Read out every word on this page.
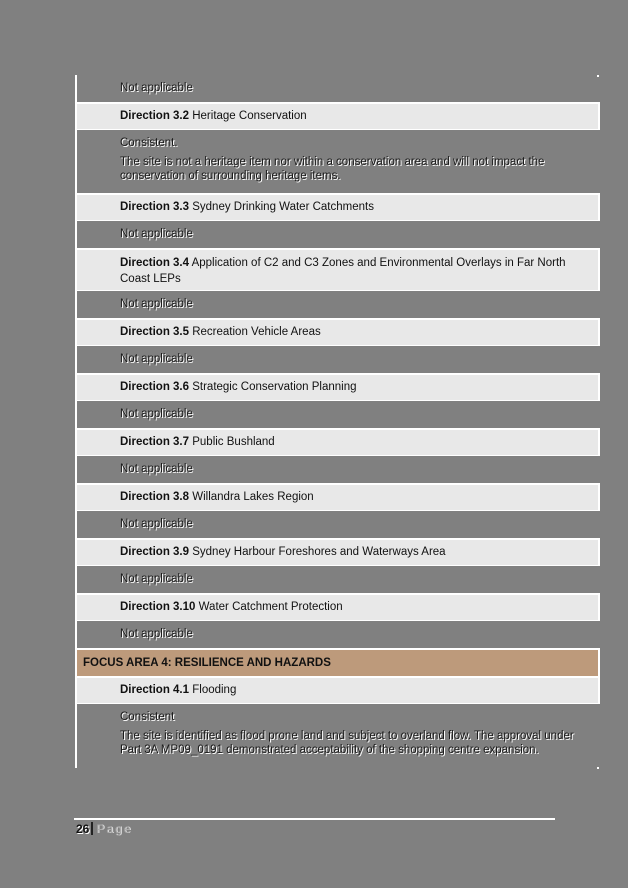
Not applicable
Direction 3.2 Heritage Conservation

Consistent.

The site is not a heritage item nor within a conservation area and will not impact the conservation of surrounding heritage items.

Direction 3.3 Sydney Drinking Water Catchments
Not applicable
Direction 3.4 Application of C2 and C3 Zones and Environmental Overlays in Far North Coast LEPs
Not applicable
Direction 3.5 Recreation Vehicle Areas
Not applicable
Direction 3.6 Strategic Conservation Planning
Not applicable
Direction 3.7 Public Bushland
Not applicable
Direction 3.8 Willandra Lakes Region
Not applicable
Direction 3.9 Sydney Harbour Foreshores and Waterways Area
Not applicable
Direction 3.10 Water Catchment Protection
Not applicable
FOCUS AREA 4: RESILIENCE AND HAZARDS
Direction 4.1 Flooding

Consistent

The site is identified as flood prone land and subject to overland flow. The approval under Part 3A MP09_0191 demonstrated acceptability of the shopping centre expansion.

26 Page
